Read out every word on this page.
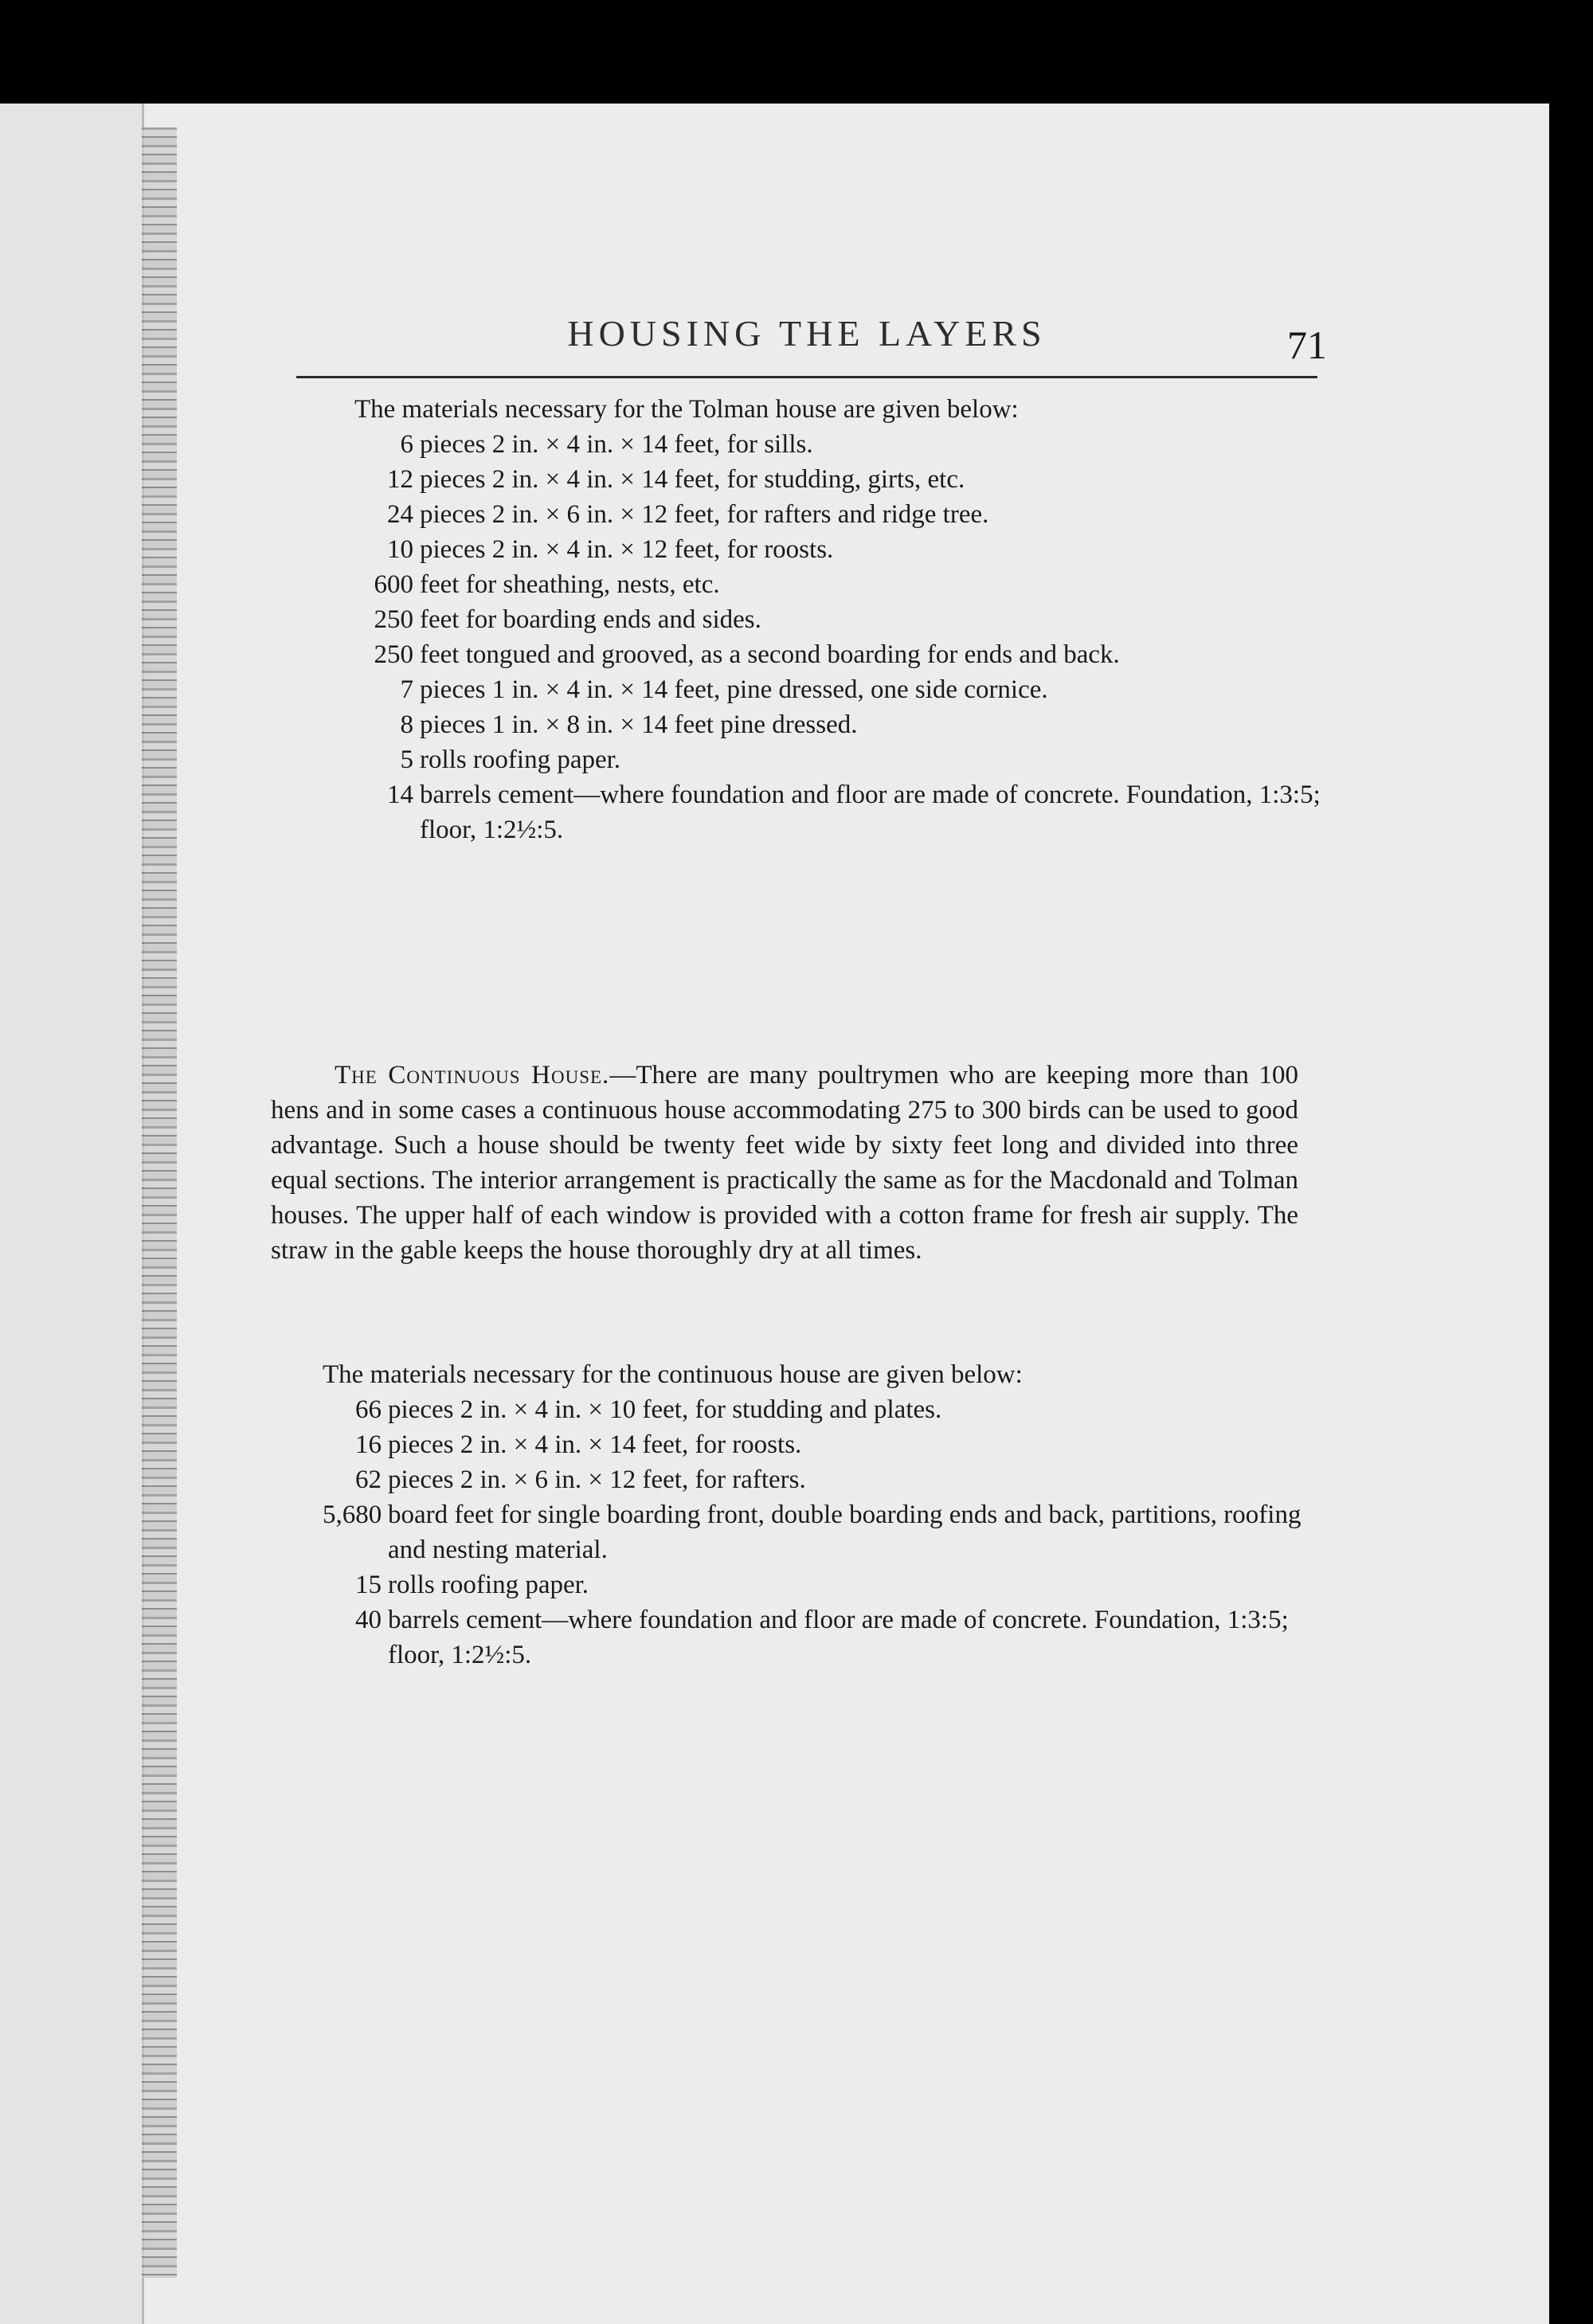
HOUSING THE LAYERS	71
The materials necessary for the Tolman house are given below:
6 pieces 2 in. × 4 in. × 14 feet, for sills.
12 pieces 2 in. × 4 in. × 14 feet, for studding, girts, etc.
24 pieces 2 in. × 6 in. × 12 feet, for rafters and ridge tree.
10 pieces 2 in. × 4 in. × 12 feet, for roosts.
600 feet for sheathing, nests, etc.
250 feet for boarding ends and sides.
250 feet tongued and grooved, as a second boarding for ends and back.
7 pieces 1 in. × 4 in. × 14 feet, pine dressed, one side cornice.
8 pieces 1 in. × 8 in. × 14 feet pine dressed.
5 rolls roofing paper.
14 barrels cement—where foundation and floor are made of concrete. Foundation, 1:3:5; floor, 1:2½:5.
The Continuous House.—There are many poultrymen who are keeping more than 100 hens and in some cases a continuous house accommodating 275 to 300 birds can be used to good advantage. Such a house should be twenty feet wide by sixty feet long and divided into three equal sections. The interior arrangement is practically the same as for the Macdonald and Tolman houses. The upper half of each window is provided with a cotton frame for fresh air supply. The straw in the gable keeps the house thoroughly dry at all times.
The materials necessary for the continuous house are given below:
66 pieces 2 in. × 4 in. × 10 feet, for studding and plates.
16 pieces 2 in. × 4 in. × 14 feet, for roosts.
62 pieces 2 in. × 6 in. × 12 feet, for rafters.
5,680 board feet for single boarding front, double boarding ends and back, partitions, roofing and nesting material.
15 rolls roofing paper.
40 barrels cement—where foundation and floor are made of concrete. Foundation, 1:3:5; floor, 1:2½:5.
